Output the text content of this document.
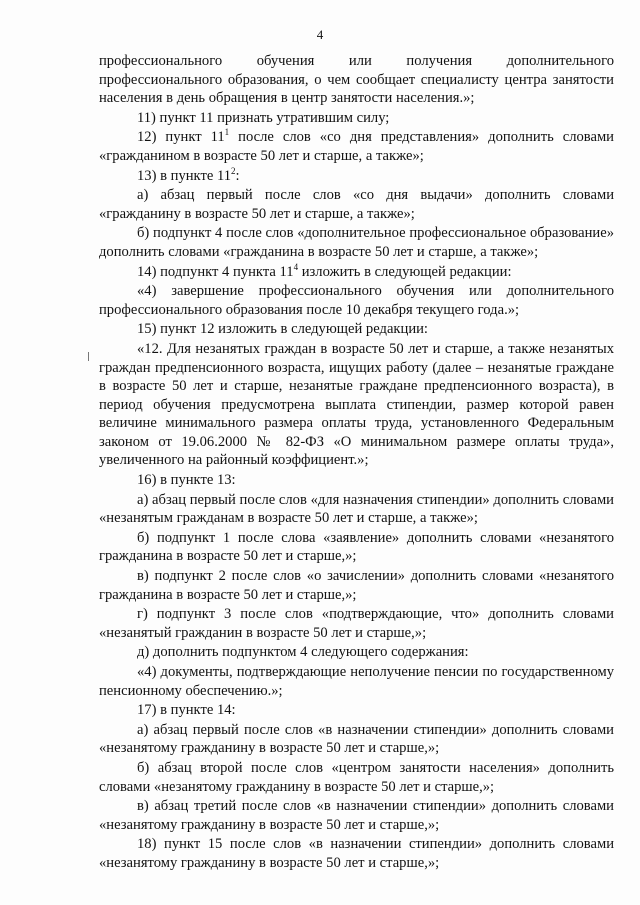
4

профессионального обучения или получения дополнительного профессионального образования, о чем сообщает специалисту центра занятости населения в день обращения в центр занятости населения.»;

11) пункт 11 признать утратившим силу;

12) пункт $11^1$ после слов «со дня представления» дополнить словами «гражданином в возрасте 50 лет и старше, а также»;

13) в пункте $11^2$:

а) абзац первый после слов «со дня выдачи» дополнить словами «гражданину в возрасте 50 лет и старше, а также»;

б) подпункт 4 после слов «дополнительное профессиональное образование» дополнить словами «гражданина в возрасте 50 лет и старше, а также»;

14) подпункт 4 пункта $11^4$ изложить в следующей редакции:

«4) завершение профессионального обучения или дополнительного профессионального образования после 10 декабря текущего года.»;

15) пункт 12 изложить в следующей редакции:

«12. Для незанятых граждан в возрасте 50 лет и старше, а также незанятых граждан предпенсионного возраста, ищущих работу (далее – незанятые граждане в возрасте 50 лет и старше, незанятые граждане предпенсионного возраста), в период обучения предусмотрена выплата стипендии, размер которой равен величине минимального размера оплаты труда, установленного Федеральным законом от 19.06.2000 № 82-ФЗ «О минимальном размере оплаты труда», увеличенного на районный коэффициент.»;

16) в пункте 13:

а) абзац первый после слов «для назначения стипендии» дополнить словами «незанятым гражданам в возрасте 50 лет и старше, а также»;

б) подпункт 1 после слова «заявление» дополнить словами «незанятого гражданина в возрасте 50 лет и старше,»;

в) подпункт 2 после слов «о зачислении» дополнить словами «незанятого гражданина в возрасте 50 лет и старше,»;

г) подпункт 3 после слов «подтверждающие, что» дополнить словами «незанятый гражданин в возрасте 50 лет и старше,»;

д) дополнить подпунктом 4 следующего содержания:

«4) документы, подтверждающие неполучение пенсии по государственному пенсионному обеспечению.»;

17) в пункте 14:

а) абзац первый после слов «в назначении стипендии» дополнить словами «незанятому гражданину в возрасте 50 лет и старше,»;

б) абзац второй после слов «центром занятости населения» дополнить словами «незанятому гражданину в возрасте 50 лет и старше,»;

в) абзац третий после слов «в назначении стипендии» дополнить словами «незанятому гражданину в возрасте 50 лет и старше,»;

18) пункт 15 после слов «в назначении стипендии» дополнить словами «незанятому гражданину в возрасте 50 лет и старше,»;
